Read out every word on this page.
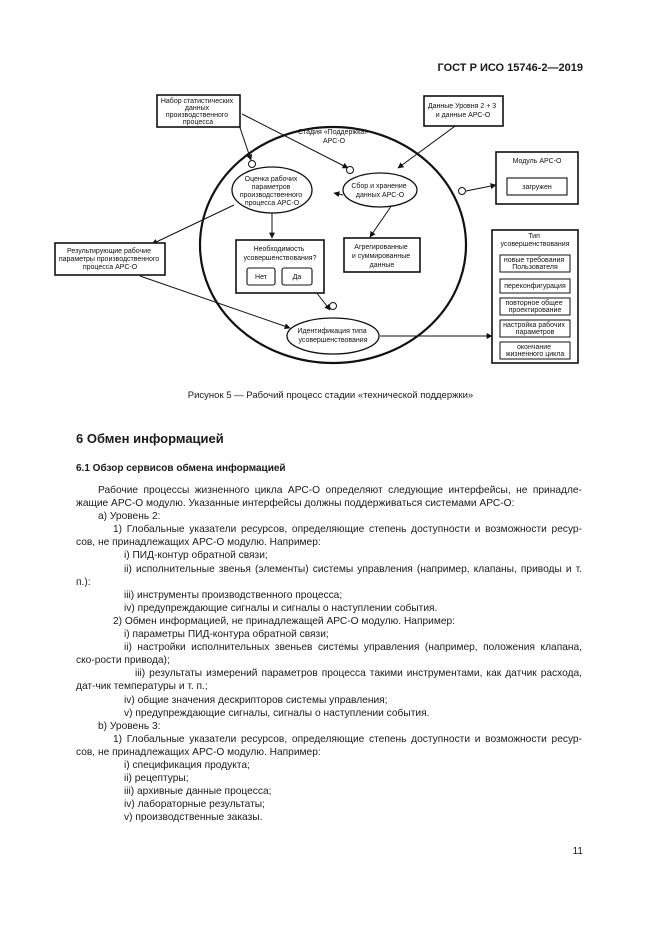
ГОСТ Р ИСО 15746-2—2019
Стадия «Поддержка» АРС-О
Набор статистических данных производственного процесса
Данные Уровня 2 + 3 и данные АРС-О
Оценка рабочих параметров производственного процесса АРС-О
Сбор и хранение данных АРС-О
Необходимость усовершенствования?
Нет	Да
Агрегированные и суммированные данные
Результирующие рабочие параметры производственного процесса АРС-О
Идентификация типа усовершенствования
Модуль АРС-О
загружен
Тип усовершенствования
новые требования Пользователя
переконфигурация
повторное общее проектирование
настройка рабочих параметров
окончание жизненного цикла
Рисунок 5 — Рабочий процесс стадии «технической поддержки»
6 Обмен информацией
6.1 Обзор сервисов обмена информацией

Рабочие процессы жизненного цикла АРС-О определяют следующие интерфейсы, не принадле-жащие АРС-О модулю. Указанные интерфейсы должны поддерживаться системами АРС-О:

а) Уровень 2:

1) Глобальные указатели ресурсов, определяющие степень доступности и возможности ресур-сов, не принадлежащих АРС-О модулю. Например:

i) ПИД-контур обратной связи;

ii) исполнительные звенья (элементы) системы управления (например, клапаны, приводы и т. п.):

iii) инструменты производственного процесса;

iv) предупреждающие сигналы и сигналы о наступлении события.

2) Обмен информацией, не принадлежащей АРС-О модулю. Например:

i) параметры ПИД-контура обратной связи;

ii) настройки исполнительных звеньев системы управления (например, положения клапана, ско-рости привода);

iii) результаты измерений параметров процесса такими инструментами, как датчик расхода, дат-чик температуры и т. п.;

iv) общие значения дескрипторов системы управления;

v) предупреждающие сигналы, сигналы о наступлении события.

b) Уровень 3:

1) Глобальные указатели ресурсов, определяющие степень доступности и возможности ресур-сов, не принадлежащих АРС-О модулю. Например:

i) спецификация продукта;

ii) рецептуры;

iii) архивные данные процесса;

iv) лабораторные результаты;

v) производственные заказы.

11
